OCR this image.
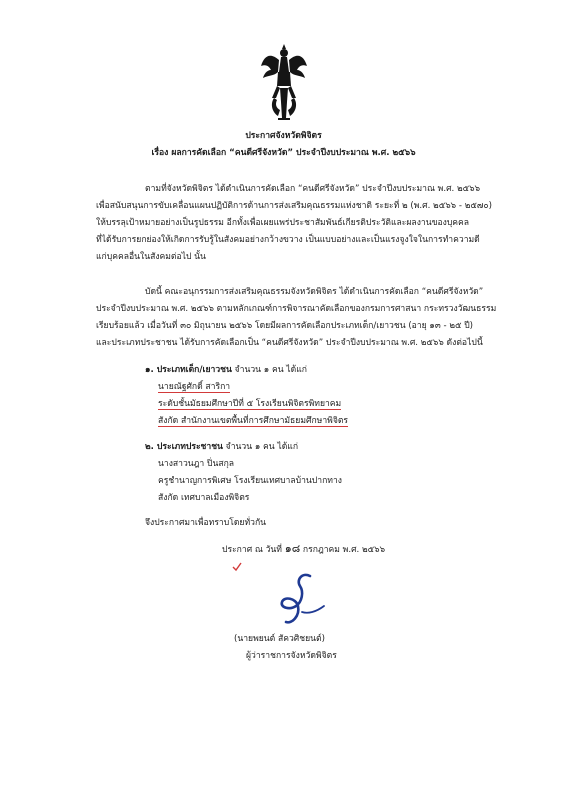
ประกาศจังหวัดพิจิตร
เรื่อง ผลการคัดเลือก “คนดีศรีจังหวัด” ประจำปีงบประมาณ พ.ศ. ๒๕๖๖
ตามที่จังหวัดพิจิตร ได้ดำเนินการคัดเลือก “คนดีศรีจังหวัด” ประจำปีงบประมาณ พ.ศ. ๒๕๖๖
เพื่อสนับสนุนการขับเคลื่อนแผนปฏิบัติการด้านการส่งเสริมคุณธรรมแห่งชาติ ระยะที่ ๒ (พ.ศ. ๒๕๖๖ - ๒๕๗๐)
ให้บรรลุเป้าหมายอย่างเป็นรูปธรรม อีกทั้งเพื่อเผยแพร่ประชาสัมพันธ์เกียรติประวัติและผลงานของบุคคล
ที่ได้รับการยกย่องให้เกิดการรับรู้ในสังคมอย่างกว้างขวาง เป็นแบบอย่างและเป็นแรงจูงใจในการทำความดี
แก่บุคคลอื่นในสังคมต่อไป นั้น
บัดนี้ คณะอนุกรรมการส่งเสริมคุณธรรมจังหวัดพิจิตร ได้ดำเนินการคัดเลือก “คนดีศรีจังหวัด”
ประจำปีงบประมาณ พ.ศ. ๒๕๖๖ ตามหลักเกณฑ์การพิจารณาคัดเลือกของกรมการศาสนา กระทรวงวัฒนธรรม
เรียบร้อยแล้ว เมื่อวันที่ ๓๐ มิถุนายน ๒๕๖๖ โดยมีผลการคัดเลือกประเภทเด็ก/เยาวชน (อายุ ๑๓ - ๒๕ ปี)
และประเภทประชาชน ได้รับการคัดเลือกเป็น “คนดีศรีจังหวัด” ประจำปีงบประมาณ พ.ศ. ๒๕๖๖ ดังต่อไปนี้
๑. ประเภทเด็ก/เยาวชน จำนวน ๑ คน ได้แก่
นายณัฐศักดิ์ สาริกา
ระดับชั้นมัธยมศึกษาปีที่ ๕ โรงเรียนพิจิตรพิทยาคม
สังกัด สำนักงานเขตพื้นที่การศึกษามัธยมศึกษาพิจิตร
๒. ประเภทประชาชน จำนวน ๑ คน ได้แก่
นางสาวนฎา ปิ่นสกุล
ครูชำนาญการพิเศษ โรงเรียนเทศบาลบ้านปากทาง
สังกัด เทศบาลเมืองพิจิตร
จึงประกาศมาเพื่อทราบโดยทั่วกัน
ประกาศ ณ วันที่ ๑๘ กรกฎาคม พ.ศ. ๒๕๖๖
(นายพยนต์ สัควศิชยนต์)
ผู้ว่าราชการจังหวัดพิจิตร
